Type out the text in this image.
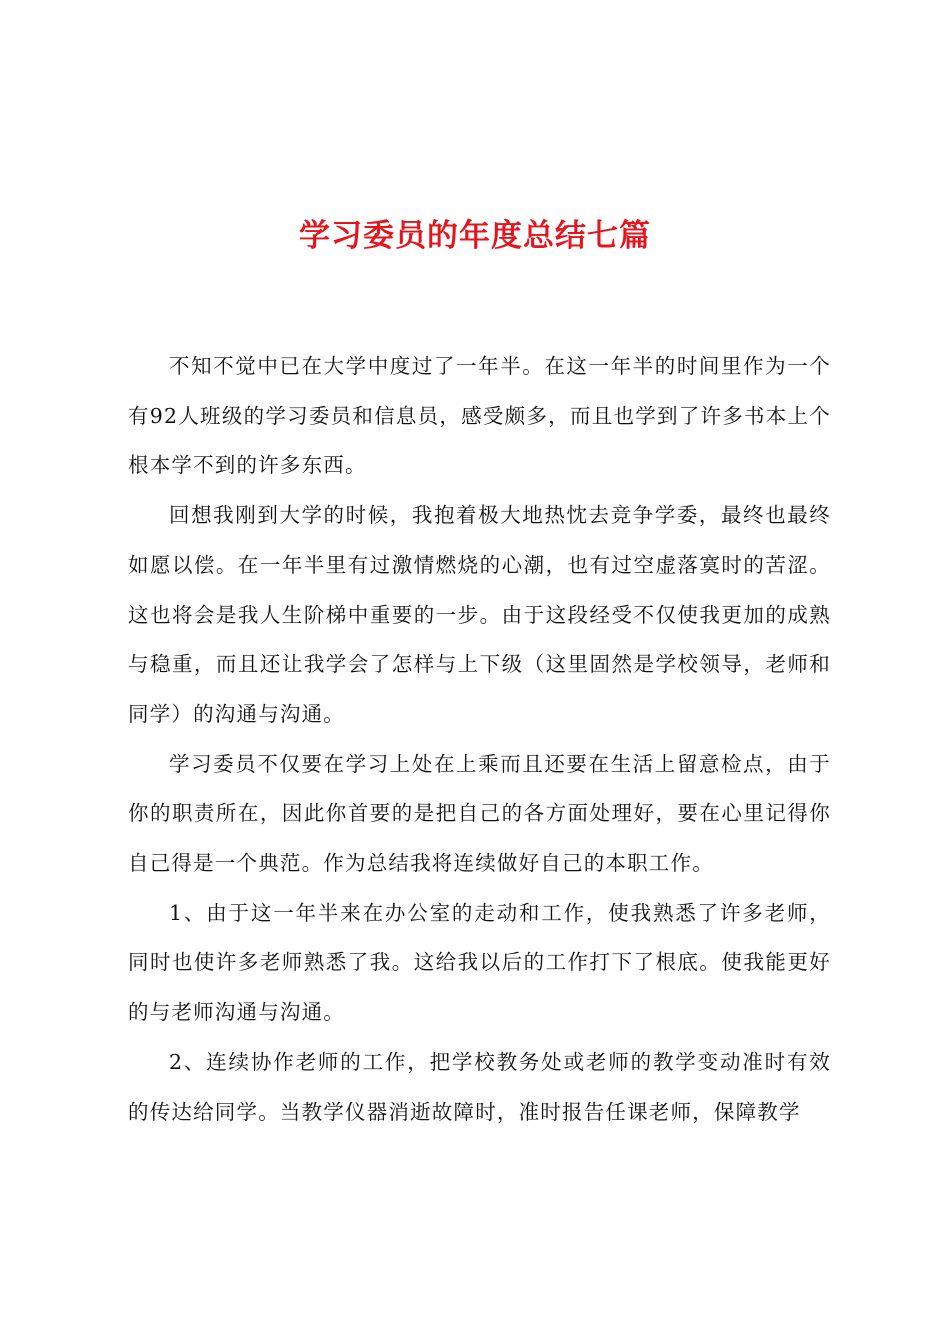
学习委员的年度总结七篇

不知不觉中已在大学中度过了一年半。在这一年半的时间里作为一个有92人班级的学习委员和信息员，感受颇多，而且也学到了许多书本上个根本学不到的许多东西。

回想我刚到大学的时候，我抱着极大地热忱去竞争学委，最终也最终如愿以偿。在一年半里有过激情燃烧的心潮，也有过空虚落寞时的苦涩。这也将会是我人生阶梯中重要的一步。由于这段经受不仅使我更加的成熟与稳重，而且还让我学会了怎样与上下级（这里固然是学校领导，老师和同学）的沟通与沟通。

学习委员不仅要在学习上处在上乘而且还要在生活上留意检点，由于你的职责所在，因此你首要的是把自己的各方面处理好，要在心里记得你自己得是一个典范。作为总结我将连续做好自己的本职工作。

1、由于这一年半来在办公室的走动和工作，使我熟悉了许多老师，同时也使许多老师熟悉了我。这给我以后的工作打下了根底。使我能更好的与老师沟通与沟通。

2、连续协作老师的工作，把学校教务处或老师的教学变动准时有效的传达给同学。当教学仪器消逝故障时，准时报告任课老师，保障教学
